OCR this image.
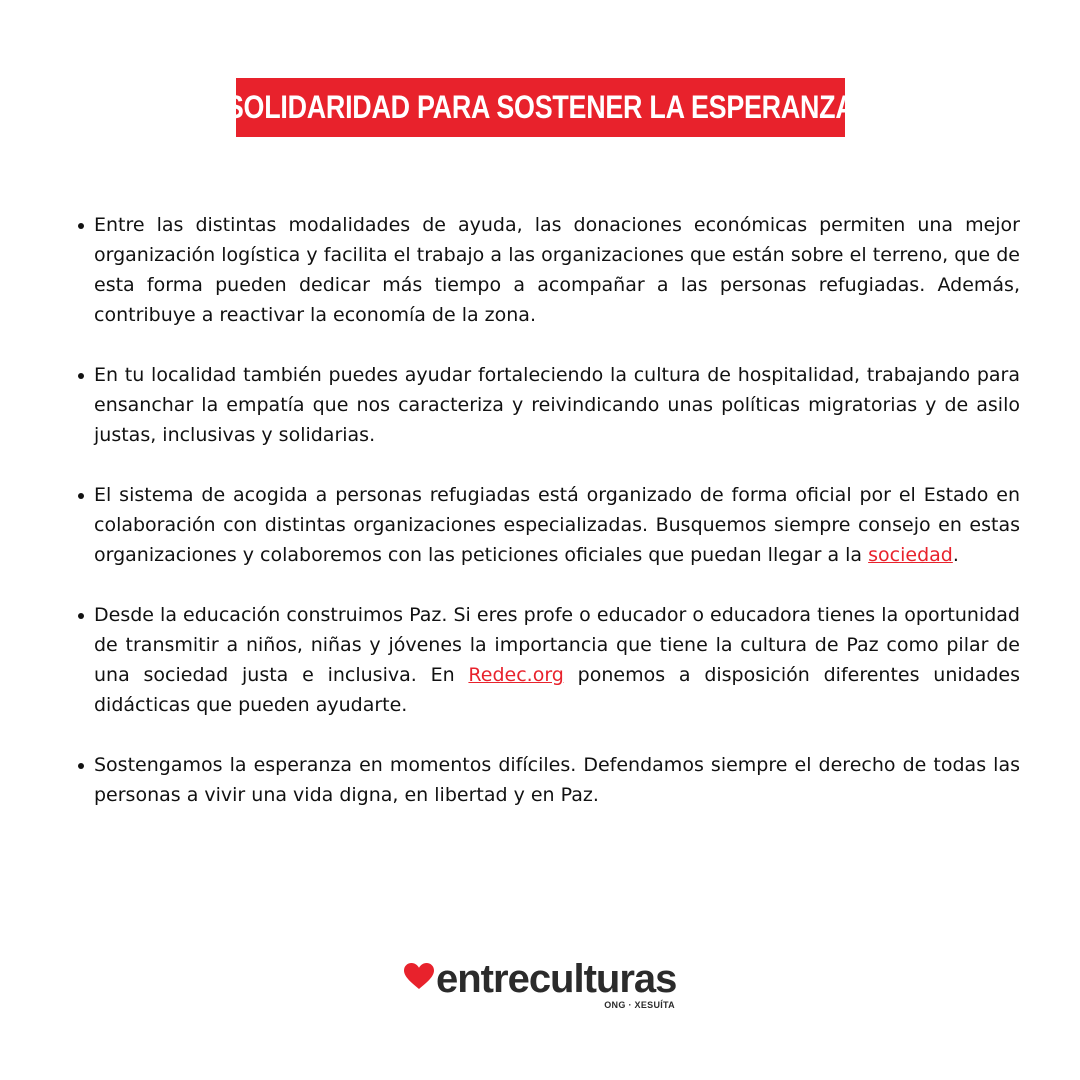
SOLIDARIDAD PARA SOSTENER LA ESPERANZA
Entre las distintas modalidades de ayuda, las donaciones económicas permiten una mejor organización logística y facilita el trabajo a las organizaciones que están sobre el terreno, que de esta forma pueden dedicar más tiempo a acompañar a las personas refugiadas. Además, contribuye a reactivar la economía de la zona.
En tu localidad también puedes ayudar fortaleciendo la cultura de hospitalidad, trabajando para ensanchar la empatía que nos caracteriza y reivindicando unas políticas migratorias y de asilo justas, inclusivas y solidarias.
El sistema de acogida a personas refugiadas está organizado de forma oficial por el Estado en colaboración con distintas organizaciones especializadas. Busquemos siempre consejo en estas organizaciones y colaboremos con las peticiones oficiales que puedan llegar a la sociedad.
Desde la educación construimos Paz. Si eres profe o educador o educadora tienes la oportunidad de transmitir a niños, niñas y jóvenes la importancia que tiene la cultura de Paz como pilar de una sociedad justa e inclusiva. En Redec.org ponemos a disposición diferentes unidades didácticas que pueden ayudarte.
Sostengamos la esperanza en momentos difíciles. Defendamos siempre el derecho de todas las personas a vivir una vida digna, en libertad y en Paz.
entreculturas
ONG · XESUÍTA
